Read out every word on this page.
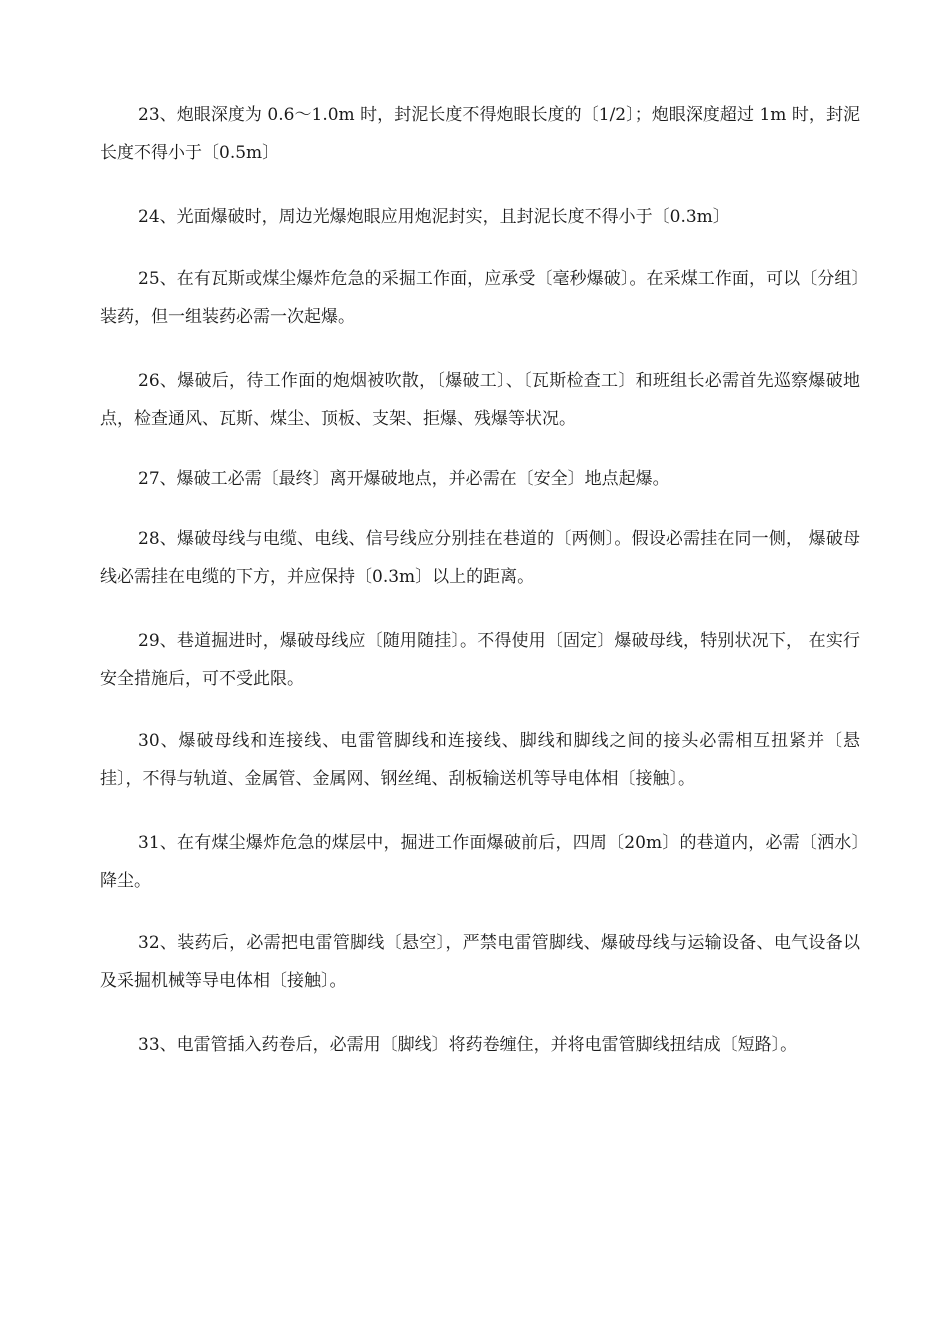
23、炮眼深度为 0.6～1.0m 时，封泥长度不得炮眼长度的〔1/2〕；炮眼深度超过 1m 时，封泥长度不得小于〔0.5m〕

24、光面爆破时，周边光爆炮眼应用炮泥封实，且封泥长度不得小于〔0.3m〕

25、在有瓦斯或煤尘爆炸危急的采掘工作面，应承受〔毫秒爆破〕。在采煤工作面，可以〔分组〕装药，但一组装药必需一次起爆。

26、爆破后，待工作面的炮烟被吹散，〔爆破工〕、〔瓦斯检查工〕和班组长必需首先巡察爆破地点，检查通风、瓦斯、煤尘、顶板、支架、拒爆、残爆等状况。

27、爆破工必需〔最终〕离开爆破地点，并必需在〔安全〕地点起爆。

28、爆破母线与电缆、电线、信号线应分别挂在巷道的〔两侧〕。假设必需挂在同一侧， 爆破母线必需挂在电缆的下方，并应保持〔0.3m〕以上的距离。

29、巷道掘进时，爆破母线应〔随用随挂〕。不得使用〔固定〕爆破母线，特别状况下， 在实行安全措施后，可不受此限。

30、爆破母线和连接线、电雷管脚线和连接线、脚线和脚线之间的接头必需相互扭紧并〔悬挂〕，不得与轨道、金属管、金属网、钢丝绳、刮板输送机等导电体相〔接触〕。

31、在有煤尘爆炸危急的煤层中，掘进工作面爆破前后，四周〔20m〕的巷道内，必需〔洒水〕降尘。

32、装药后，必需把电雷管脚线〔悬空〕，严禁电雷管脚线、爆破母线与运输设备、电气设备以及采掘机械等导电体相〔接触〕。

33、电雷管插入药卷后，必需用〔脚线〕将药卷缠住，并将电雷管脚线扭结成〔短路〕。
